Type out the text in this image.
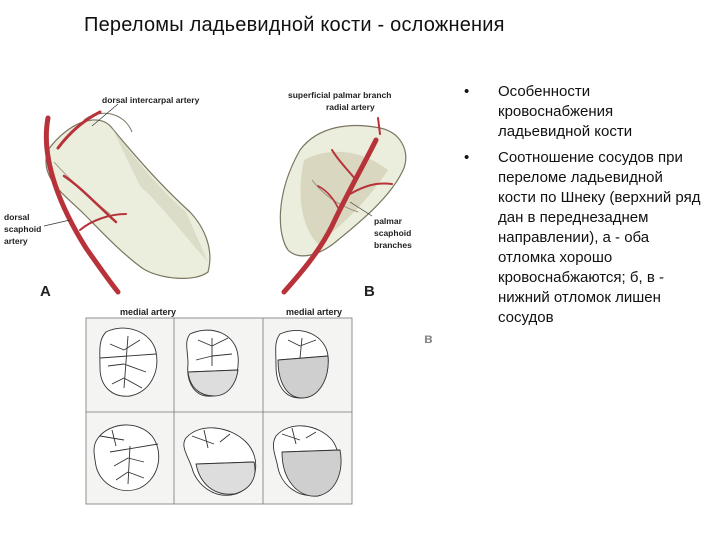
Переломы ладьевидной кости - осложнения
dorsal intercarpal artery	superficial palmar branch
radial artery
dorsal
scaphoid
artery
palmar
scaphoid
branches
A	B
medial artery	medial artery
в
• Особенности кровоснабжения ладьевидной кости
• Соотношение сосудов при переломе ладьевидной кости по Шнеку (верхний ряд дан в переднезаднем направлении), а - оба отломка хорошо кровоснабжаются; б, в - нижний отломок лишен сосудов
